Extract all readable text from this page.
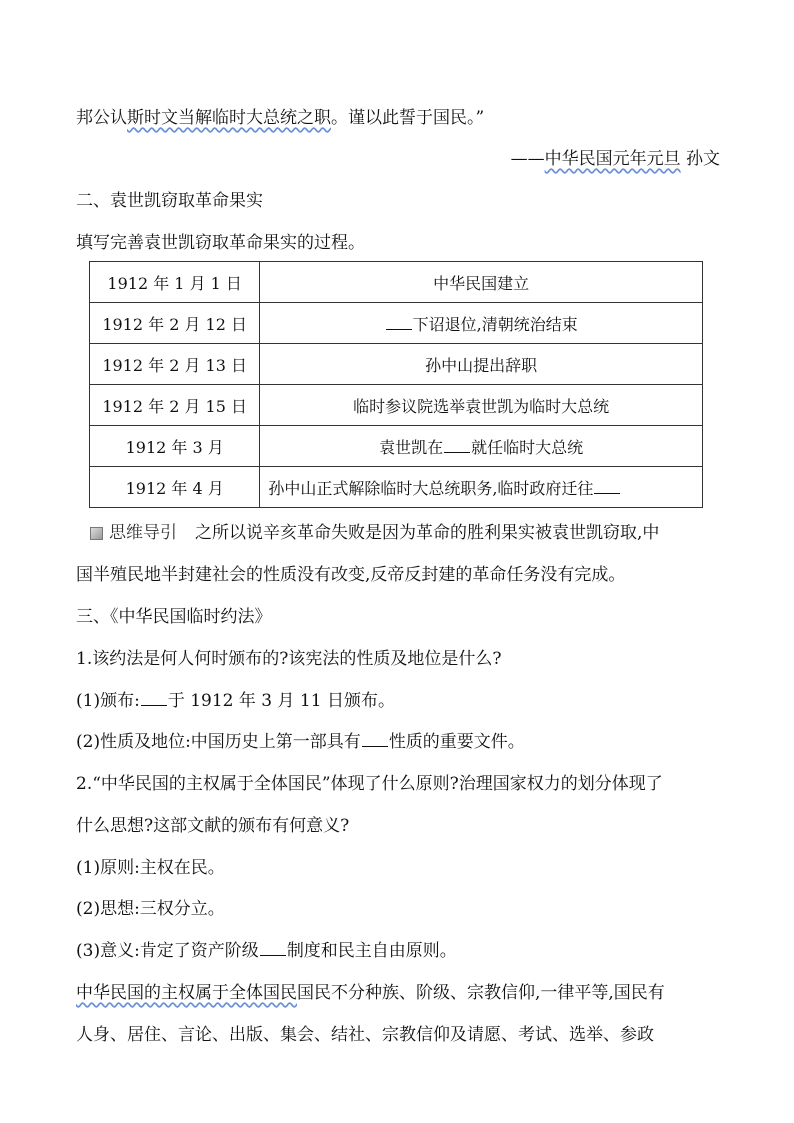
邦公认斯时文当解临时大总统之职。谨以此誓于国民。”
——中华民国元年元旦 孙文
二、袁世凯窃取革命果实
填写完善袁世凯窃取革命果实的过程。
1912 年 1 月 1 日	中华民国建立
1912 年 2 月 12 日	下诏退位,清朝统治结束
1912 年 2 月 13 日	孙中山提出辞职
1912 年 2 月 15 日	临时参议院选举袁世凯为临时大总统
1912 年 3 月	袁世凯在 就任临时大总统
1912 年 4 月	孙中山正式解除临时大总统职务,临时政府迁往
思维导引 之所以说辛亥革命失败是因为革命的胜利果实被袁世凯窃取,中
国半殖民地半封建社会的性质没有改变,反帝反封建的革命任务没有完成。
三、《中华民国临时约法》
1.该约法是何人何时颁布的?该宪法的性质及地位是什么?
(1)颁布: 于 1912 年 3 月 11 日颁布。
(2)性质及地位:中国历史上第一部具有 性质的重要文件。
2.“中华民国的主权属于全体国民”体现了什么原则?治理国家权力的划分体现了
什么思想?这部文献的颁布有何意义?
(1)原则:主权在民。
(2)思想:三权分立。
(3)意义:肯定了资产阶级 制度和民主自由原则。
中华民国的主权属于全体国民国民不分种族、阶级、宗教信仰,一律平等,国民有
人身、居住、言论、出版、集会、结社、宗教信仰及请愿、考试、选举、参政
